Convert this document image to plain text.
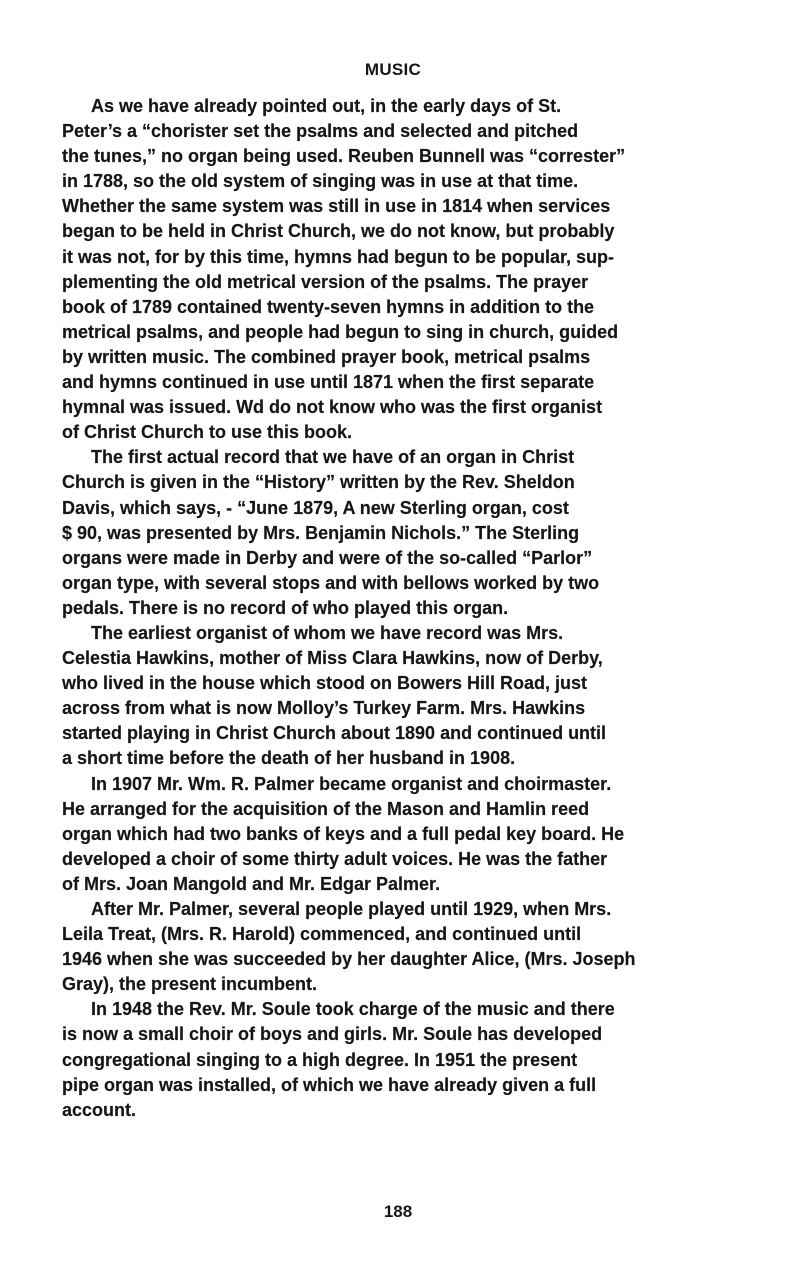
MUSIC
As we have already pointed out, in the early days of St.
Peter’s a “chorister set the psalms and selected and pitched
the tunes,” no organ being used. Reuben Bunnell was “correster”
in 1788, so the old system of singing was in use at that time.
Whether the same system was still in use in 1814 when services
began to be held in Christ Church, we do not know, but probably
it was not, for by this time, hymns had begun to be popular, sup-
plementing the old metrical version of the psalms. The prayer
book of 1789 contained twenty-seven hymns in addition to the
metrical psalms, and people had begun to sing in church, guided
by written music. The combined prayer book, metrical psalms
and hymns continued in use until 1871 when the first separate
hymnal was issued. Wd do not know who was the first organist
of Christ Church to use this book.
The first actual record that we have of an organ in Christ
Church is given in the “History” written by the Rev. Sheldon
Davis, which says, - “June 1879, A new Sterling organ, cost
$ 90, was presented by Mrs. Benjamin Nichols.” The Sterling
organs were made in Derby and were of the so-called “Parlor”
organ type, with several stops and with bellows worked by two
pedals. There is no record of who played this organ.
The earliest organist of whom we have record was Mrs.
Celestia Hawkins, mother of Miss Clara Hawkins, now of Derby,
who lived in the house which stood on Bowers Hill Road, just
across from what is now Molloy’s Turkey Farm. Mrs. Hawkins
started playing in Christ Church about 1890 and continued until
a short time before the death of her husband in 1908.
In 1907 Mr. Wm. R. Palmer became organist and choirmaster.
He arranged for the acquisition of the Mason and Hamlin reed
organ which had two banks of keys and a full pedal key board. He
developed a choir of some thirty adult voices. He was the father
of Mrs. Joan Mangold and Mr. Edgar Palmer.
After Mr. Palmer, several people played until 1929, when Mrs.
Leila Treat, (Mrs. R. Harold) commenced, and continued until
1946 when she was succeeded by her daughter Alice, (Mrs. Joseph
Gray), the present incumbent.
In 1948 the Rev. Mr. Soule took charge of the music and there
is now a small choir of boys and girls. Mr. Soule has developed
congregational singing to a high degree. In 1951 the present
pipe organ was installed, of which we have already given a full
account.
188
